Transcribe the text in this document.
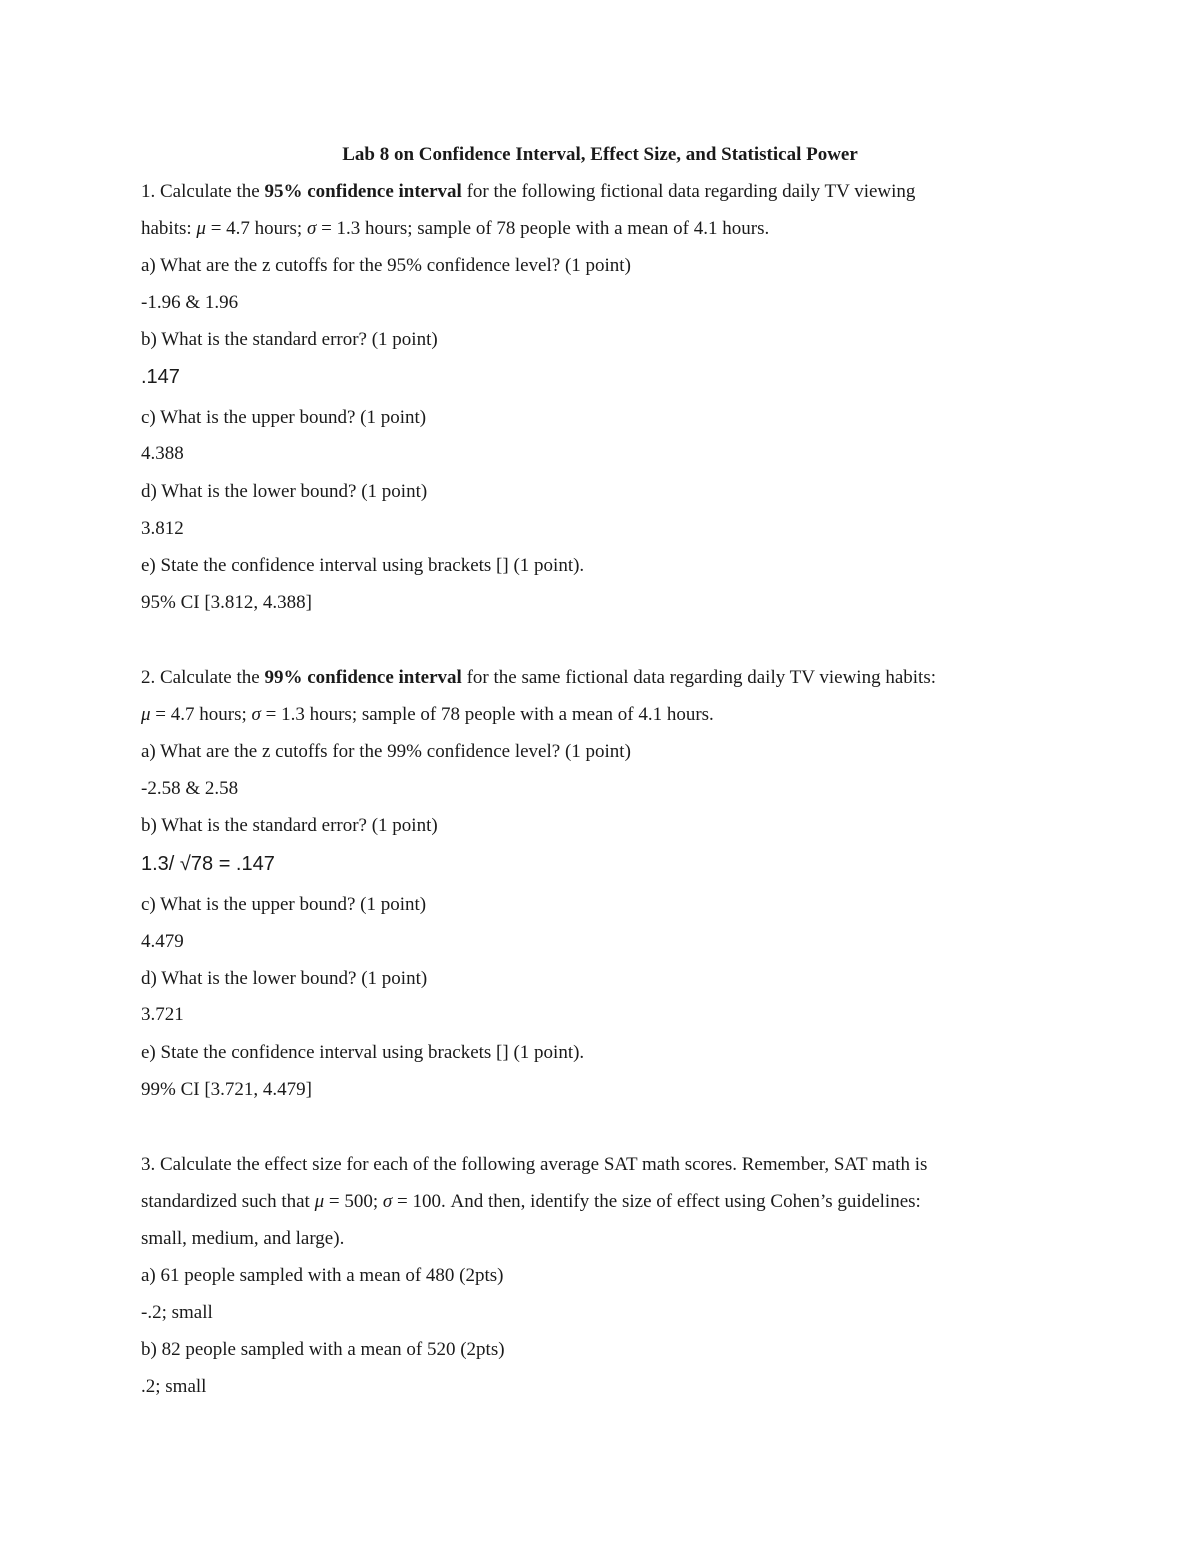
Lab 8 on Confidence Interval, Effect Size, and Statistical Power
1. Calculate the 95% confidence interval for the following fictional data regarding daily TV viewing
habits: μ = 4.7 hours; σ = 1.3 hours; sample of 78 people with a mean of 4.1 hours.
a) What are the z cutoffs for the 95% confidence level? (1 point)
-1.96 & 1.96
b) What is the standard error? (1 point)
.147
c) What is the upper bound? (1 point)
4.388
d) What is the lower bound? (1 point)
3.812
e) State the confidence interval using brackets [] (1 point).
95% CI [3.812, 4.388]
2. Calculate the 99% confidence interval for the same fictional data regarding daily TV viewing habits:
μ = 4.7 hours; σ = 1.3 hours; sample of 78 people with a mean of 4.1 hours.
a) What are the z cutoffs for the 99% confidence level? (1 point)
-2.58 & 2.58
b) What is the standard error? (1 point)
1.3/ √78 = .147
c) What is the upper bound? (1 point)
4.479
d) What is the lower bound? (1 point)
3.721
e) State the confidence interval using brackets [] (1 point).
99% CI [3.721, 4.479]
3. Calculate the effect size for each of the following average SAT math scores. Remember, SAT math is
standardized such that μ = 500; σ = 100. And then, identify the size of effect using Cohen’s guidelines:
small, medium, and large).
a) 61 people sampled with a mean of 480 (2pts)
-.2; small
b) 82 people sampled with a mean of 520 (2pts)
.2; small
